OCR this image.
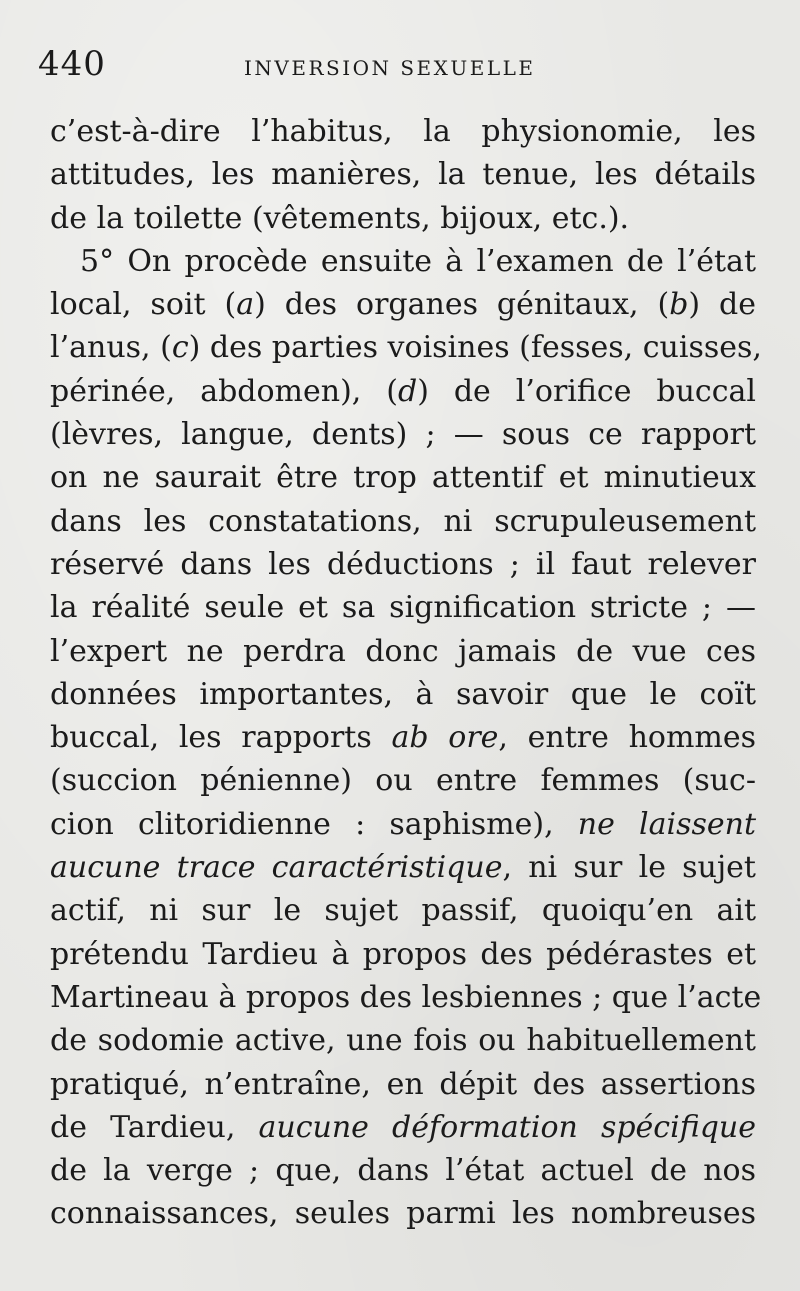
440	INVERSION SEXUELLE
c’est-à-dire l’habitus, la physionomie, les
attitudes, les manières, la tenue, les détails
de la toilette (vêtements, bijoux, etc.).
5° On procède ensuite à l’examen de l’état
local, soit (a) des organes génitaux, (b) de
l’anus, (c) des parties voisines (fesses, cuisses,
périnée, abdomen), (d) de l’orifice buccal
(lèvres, langue, dents) ; — sous ce rapport
on ne saurait être trop attentif et minutieux
dans les constatations, ni scrupuleusement
réservé dans les déductions ; il faut relever
la réalité seule et sa signification stricte ; —
l’expert ne perdra donc jamais de vue ces
données importantes, à savoir que le coït
buccal, les rapports ab ore, entre hommes
(succion pénienne) ou entre femmes (suc-
cion clitoridienne : saphisme), ne laissent
aucune trace caractéristique, ni sur le sujet
actif, ni sur le sujet passif, quoiqu’en ait
prétendu Tardieu à propos des pédérastes et
Martineau à propos des lesbiennes ; que l’acte
de sodomie active, une fois ou habituellement
pratiqué, n’entraîne, en dépit des assertions
de Tardieu, aucune déformation spécifique
de la verge ; que, dans l’état actuel de nos
connaissances, seules parmi les nombreuses
